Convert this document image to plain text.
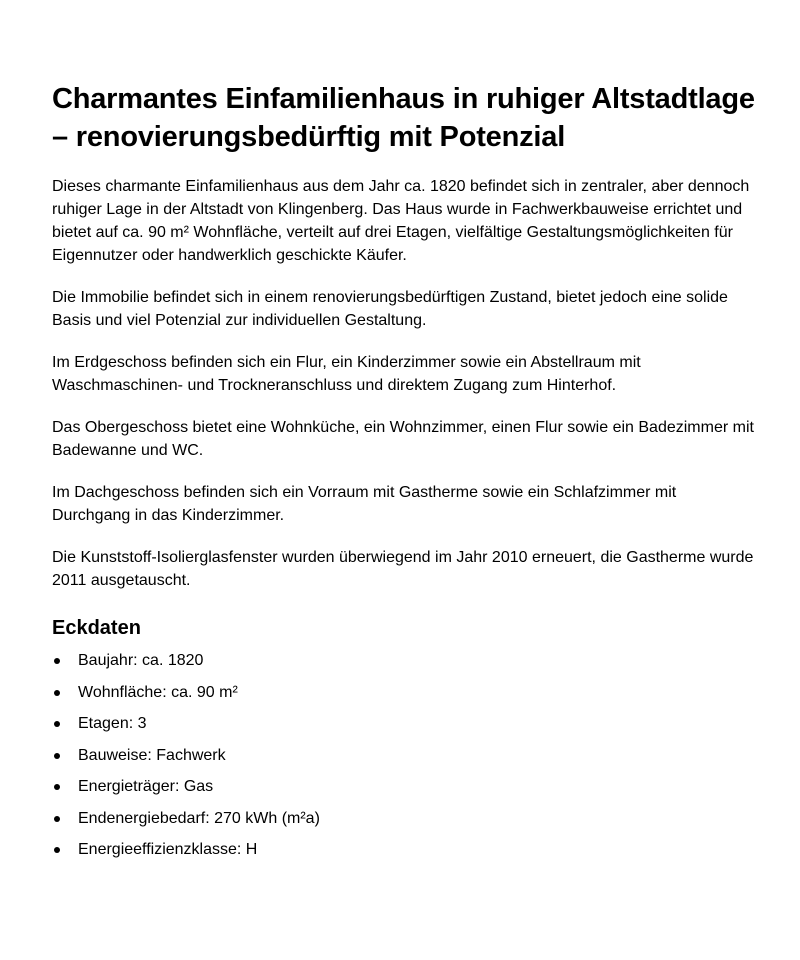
Charmantes Einfamilienhaus in ruhiger Altstadtlage – renovierungsbedürftig mit Potenzial

Dieses charmante Einfamilienhaus aus dem Jahr ca. 1820 befindet sich in zentraler, aber dennoch ruhiger Lage in der Altstadt von Klingenberg. Das Haus wurde in Fachwerkbauweise errichtet und bietet auf ca. 90 m² Wohnfläche, verteilt auf drei Etagen, vielfältige Gestaltungsmöglichkeiten für Eigennutzer oder handwerklich geschickte Käufer.

Die Immobilie befindet sich in einem renovierungsbedürftigen Zustand, bietet jedoch eine solide Basis und viel Potenzial zur individuellen Gestaltung.

Im Erdgeschoss befinden sich ein Flur, ein Kinderzimmer sowie ein Abstellraum mit Waschmaschinen- und Trockneranschluss und direktem Zugang zum Hinterhof.

Das Obergeschoss bietet eine Wohnküche, ein Wohnzimmer, einen Flur sowie ein Badezimmer mit Badewanne und WC.

Im Dachgeschoss befinden sich ein Vorraum mit Gastherme sowie ein Schlafzimmer mit Durchgang in das Kinderzimmer.

Die Kunststoff-Isolierglasfenster wurden überwiegend im Jahr 2010 erneuert, die Gastherme wurde 2011 ausgetauscht.

Eckdaten
Baujahr: ca. 1820
Wohnfläche: ca. 90 m²
Etagen: 3
Bauweise: Fachwerk
Energieträger: Gas
Endenergiebedarf: 270 kWh (m²a)
Energieeffizienzklasse: H
